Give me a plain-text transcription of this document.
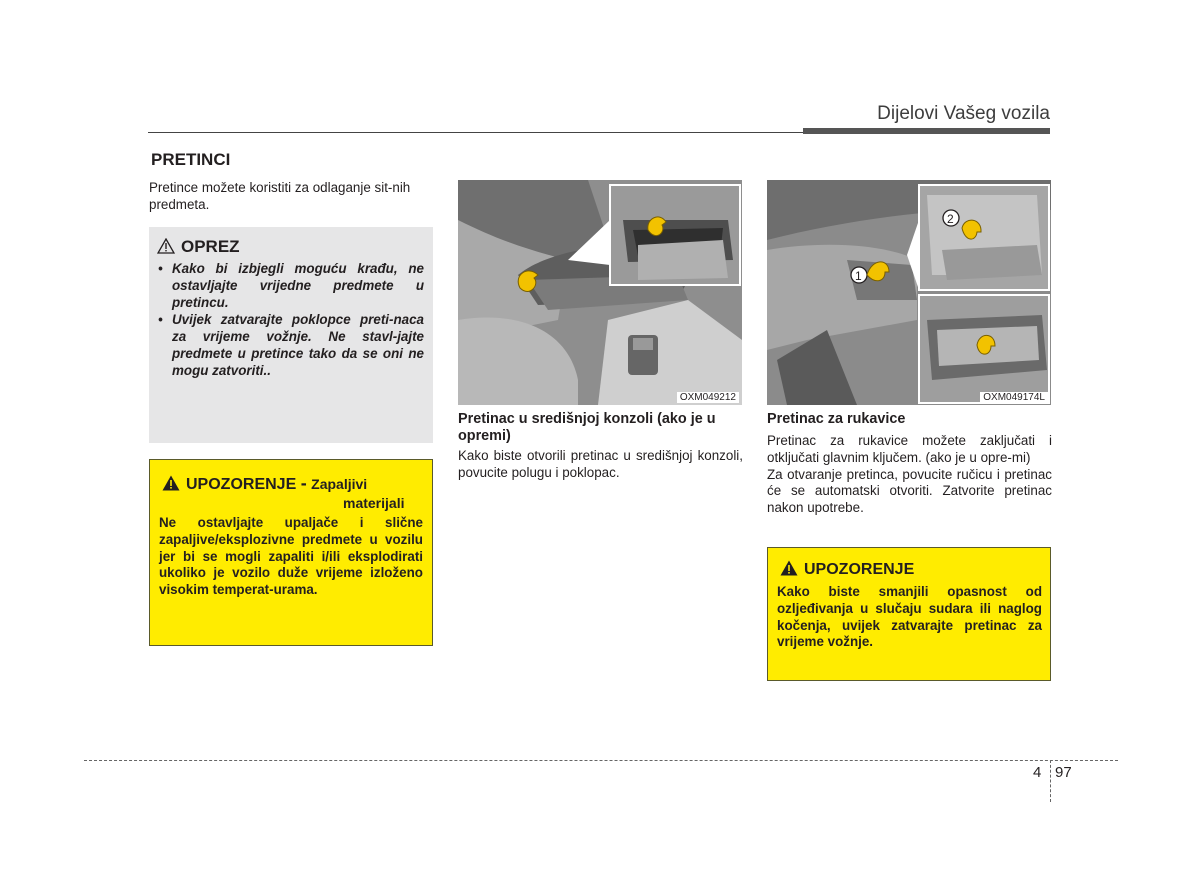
Dijelovi Vašeg vozila
PRETINCI
Pretince možete koristiti za odlaganje sit-nih predmeta.
OPREZ
• Kako bi izbjegli moguću krađu, ne ostavljajte vrijedne predmete u pretincu.
• Uvijek zatvarajte poklopce preti-naca za vrijeme vožnje. Ne stavl-jajte predmete u pretince tako da se oni ne mogu zatvoriti..
UPOZORENJE - Zapaljivi
materijali
Ne ostavljajte upaljače i slične zapaljive/eksplozivne predmete u vozilu jer bi se mogli zapaliti i/ili eksplodirati ukoliko je vozilo duže vrijeme izloženo visokim temperat-urama.
OXM049212
Pretinac u središnjoj konzoli (ako je u opremi)
Kako biste otvorili pretinac u središnjoj konzoli, povucite polugu i poklopac.
1
2
OXM049174L
Pretinac za rukavice
Pretinac za rukavice možete zaključati i otključati glavnim ključem. (ako je u opre-mi)
Za otvaranje pretinca, povucite ručicu i pretinac će se automatski otvoriti. Zatvorite pretinac nakon upotrebe.
UPOZORENJE
Kako biste smanjili opasnost od ozljeđivanja u slučaju sudara ili naglog kočenja, uvijek zatvarajte pretinac za vrijeme vožnje.
4 97
